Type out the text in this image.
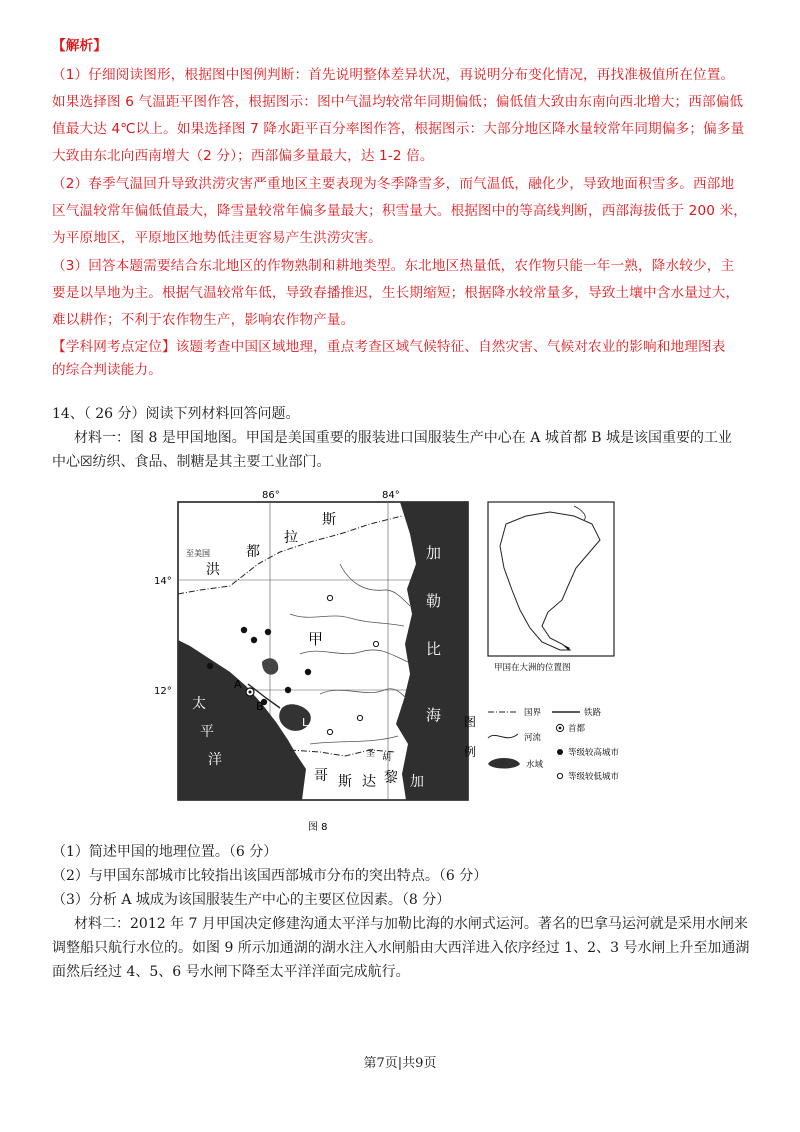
【解析】
（1）仔细阅读图形，根据图中图例判断：首先说明整体差异状况，再说明分布变化情况，再找准极值所在位置。
如果选择图 6 气温距平图作答，根据图示：图中气温均较常年同期偏低；偏低值大致由东南向西北增大；西部偏低
值最大达 4℃以上。如果选择图 7 降水距平百分率图作答，根据图示：大部分地区降水量较常年同期偏多；偏多量
大致由东北向西南增大（2 分）；西部偏多量最大，达 1-2 倍。
（2）春季气温回升导致洪涝灾害严重地区主要表现为冬季降雪多，而气温低，融化少，导致地面积雪多。西部地
区气温较常年偏低值最大，降雪量较常年偏多量最大；积雪量大。根据图中的等高线判断，西部海拔低于 200 米，
为平原地区，平原地区地势低洼更容易产生洪涝灾害。
（3）回答本题需要结合东北地区的作物熟制和耕地类型。东北地区热量低，农作物只能一年一熟，降水较少，主
要是以旱地为主。根据气温较常年低，导致春播推迟，生长期缩短；根据降水较常量多，导致土壤中含水量过大，
难以耕作；不利于农作物生产，影响农作物产量。
【学科网考点定位】该题考查中国区域地理，重点考查区域气候特征、自然灾害、气候对农业的影响和地理图表
的综合判读能力。
14、（ 26 分）阅读下列材料回答问题。
材料一：图 8 是甲国地图。甲国是美国重要的服装进口国服装生产中心在 A 城首都 B 城是该国重要的工业
中心☒纺织、食品、制糖是其主要工业部门。
86°	84°
14°
12°
至美国
洪
都
拉
斯
甲
A
B
L
圣 胡
太
平
洋
哥 斯 达 黎 加
加
勒
比
海
甲国在大洲的位置图
图
例
国界	铁路
河流
首都
水域
等级较高城市
等级较低城市
图 8
（1）简述甲国的地理位置。（6 分）
（2）与甲国东部城市比较指出该国西部城市分布的突出特点。（6 分）
（3）分析 A 城成为该国服装生产中心的主要区位因素。（8 分）
材料二：2012 年 7 月甲国决定修建沟通太平洋与加勒比海的水闸式运河。著名的巴拿马运河就是采用水闸来
调整船只航行水位的。如图 9 所示加通湖的湖水注入水闸船由大西洋进入依序经过 1、2、3 号水闸上升至加通湖
面然后经过 4、5、6 号水闸下降至太平洋洋面完成航行。
第7页|共9页
